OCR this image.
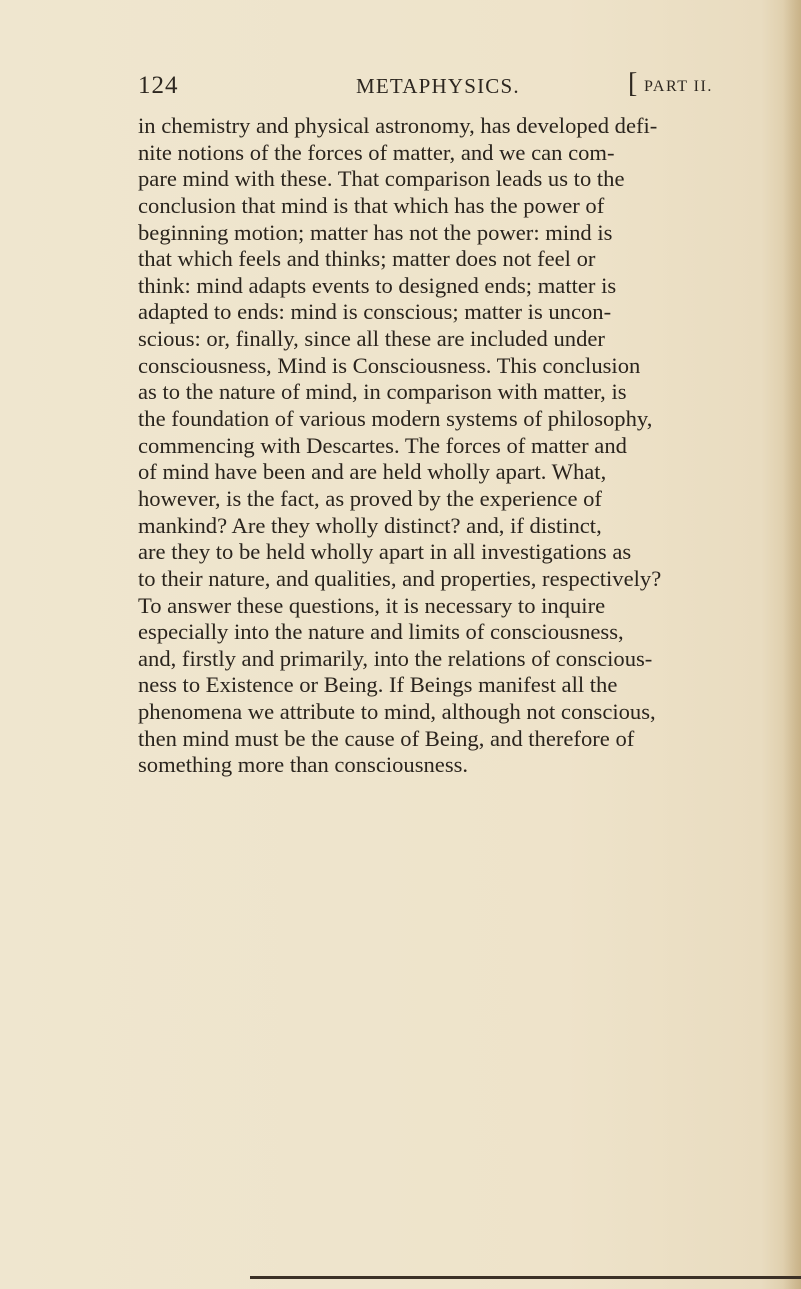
124	METAPHYSICS.	[ PART II.
in chemistry and physical astronomy, has developed defi-
nite notions of the forces of matter, and we can com-
pare mind with these. That comparison leads us to the
conclusion that mind is that which has the power of
beginning motion; matter has not the power: mind is
that which feels and thinks; matter does not feel or
think: mind adapts events to designed ends; matter is
adapted to ends: mind is conscious; matter is uncon-
scious: or, finally, since all these are included under
consciousness, Mind is Consciousness. This conclusion
as to the nature of mind, in comparison with matter, is
the foundation of various modern systems of philosophy,
commencing with Descartes. The forces of matter and
of mind have been and are held wholly apart. What,
however, is the fact, as proved by the experience of
mankind? Are they wholly distinct? and, if distinct,
are they to be held wholly apart in all investigations as
to their nature, and qualities, and properties, respectively?
To answer these questions, it is necessary to inquire
especially into the nature and limits of consciousness,
and, firstly and primarily, into the relations of conscious-
ness to Existence or Being. If Beings manifest all the
phenomena we attribute to mind, although not conscious,
then mind must be the cause of Being, and therefore of
something more than consciousness.
